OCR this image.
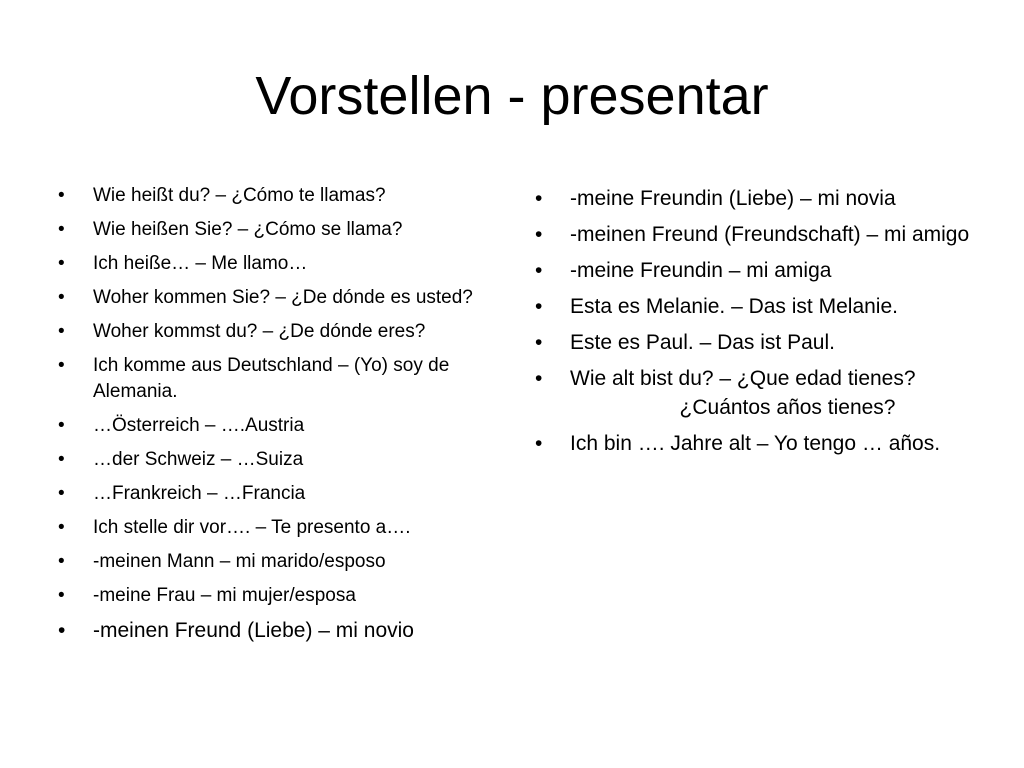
Vorstellen - presentar
• Wie heißt du? – ¿Cómo te llamas?
• Wie heißen Sie? – ¿Cómo se llama?
• Ich heiße… – Me llamo…
• Woher kommen Sie? – ¿De dónde es usted?
• Woher kommst du? – ¿De dónde eres?
• Ich komme aus Deutschland – (Yo) soy de Alemania.
• …Österreich – ….Austria
• …der Schweiz – …Suiza
• …Frankreich – …Francia
• Ich stelle dir vor…. – Te presento a….
• -meinen Mann – mi marido/esposo
• -meine Frau – mi mujer/esposa
• -meinen Freund (Liebe) – mi novio
• -meine Freundin (Liebe) – mi novia
• -meinen Freund (Freundschaft) – mi amigo
• -meine Freundin – mi amiga
• Esta es Melanie. – Das ist Melanie.
• Este es Paul. – Das ist Paul.
• Wie alt bist du? – ¿Que edad tienes?
¿Cuántos años tienes?
• Ich bin …. Jahre alt – Yo tengo … años.
